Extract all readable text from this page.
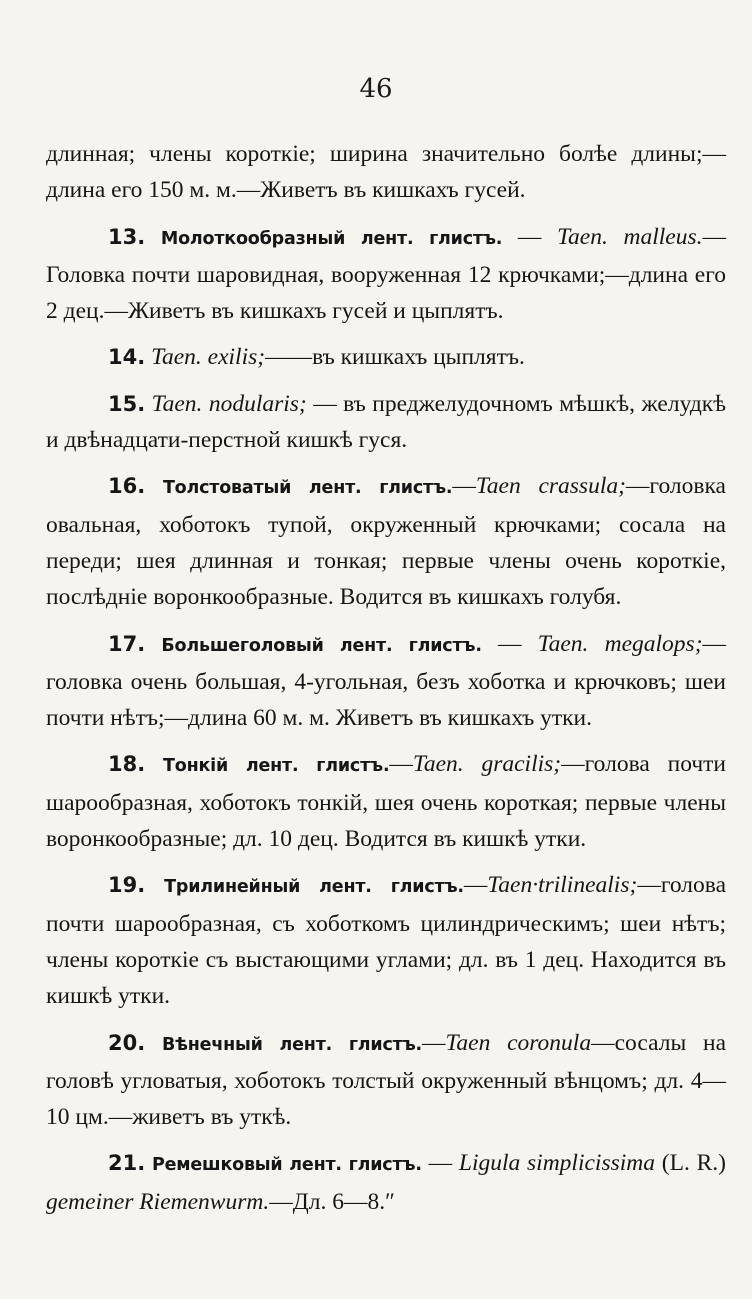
46

длинная; члены короткіе; ширина значительно болѣе длины;—длина его 150 м. м.—Живетъ въ кишкахъ гусей.

13. Молоткообразный лент. глистъ. — Taen. malleus.—Головка почти шаровидная, вооруженная 12 крючками;—длина его 2 дец.—Живетъ въ кишкахъ гусей и цыплятъ.

14. Taen. exilis;——въ кишкахъ цыплятъ.

15. Taen. nodularis; — въ преджелудочномъ мѣшкѣ, желудкѣ и двѣнадцати-перстной кишкѣ гуся.

16. Толстоватый лент. глистъ.—Taen crassula;—головка овальная, хоботокъ тупой, окруженный крючками; сосала на переди; шея длинная и тонкая; первые члены очень короткіе, послѣдніе воронкообразные. Водится въ кишкахъ голубя.

17. Большеголовый лент. глистъ. — Taen. megalops;—головка очень большая, 4-угольная, безъ хоботка и крючковъ; шеи почти нѣтъ;—длина 60 м. м. Живетъ въ кишкахъ утки.

18. Тонкій лент. глистъ.—Taen. gracilis;—голова почти шарообразная, хоботокъ тонкій, шея очень короткая; первые члены воронкообразные; дл. 10 дец. Водится въ кишкѣ утки.

19. Трилинейный лент. глистъ.—Taen·trilinealis;—голова почти шарообразная, съ хоботкомъ цилиндрическимъ; шеи нѣтъ; члены короткіе съ выстающими углами; дл. въ 1 дец. Находится въ кишкѣ утки.

20. Вѣнечный лент. глистъ.—Taen coronula—сосалы на головѣ угловатыя, хоботокъ толстый окруженный вѣнцомъ; дл. 4—10 цм.—живетъ въ уткѣ.

21. Ремешковый лент. глистъ. — Ligula simplicissima (L. R.) gemeiner Riemenwurm.—Дл. 6—8.″
